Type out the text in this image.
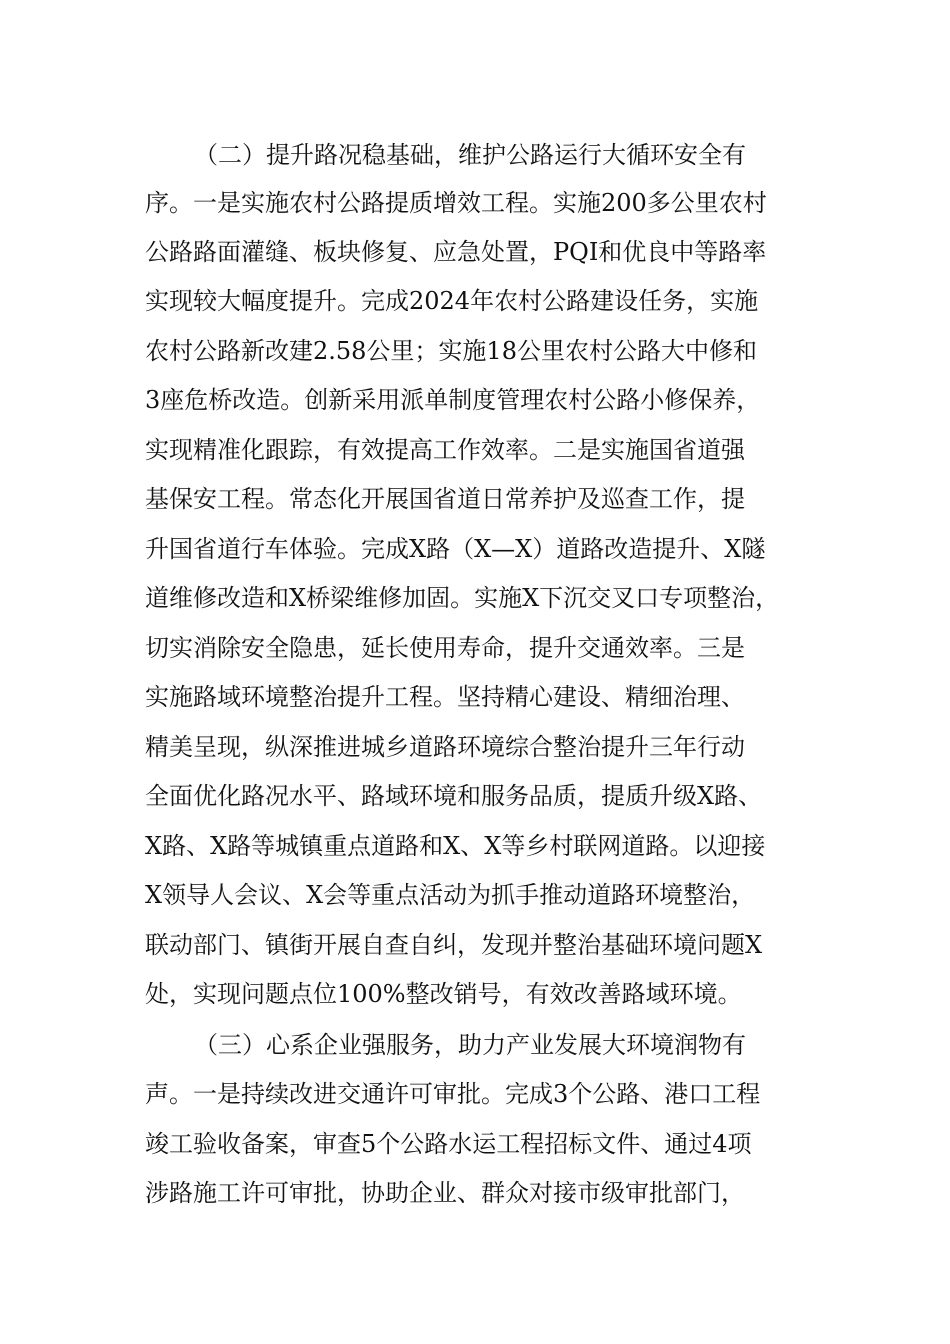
（二）提升路况稳基础，维护公路运行大循环安全有
序。一是实施农村公路提质增效工程。实施200多公里农村
公路路面灌缝、板块修复、应急处置，PQI和优良中等路率
实现较大幅度提升。完成2024年农村公路建设任务，实施
农村公路新改建2.58公里；实施18公里农村公路大中修和
3座危桥改造。创新采用派单制度管理农村公路小修保养，
实现精准化跟踪，有效提高工作效率。二是实施国省道强
基保安工程。常态化开展国省道日常养护及巡查工作，提
升国省道行车体验。完成X路（X—X）道路改造提升、X隧
道维修改造和X桥梁维修加固。实施X下沉交叉口专项整治，
切实消除安全隐患，延长使用寿命，提升交通效率。三是
实施路域环境整治提升工程。坚持精心建设、精细治理、
精美呈现，纵深推进城乡道路环境综合整治提升三年行动
全面优化路况水平、路域环境和服务品质，提质升级X路、
X路、X路等城镇重点道路和X、X等乡村联网道路。以迎接
X领导人会议、X会等重点活动为抓手推动道路环境整治，
联动部门、镇街开展自查自纠，发现并整治基础环境问题X
处，实现问题点位100%整改销号，有效改善路域环境。
（三）心系企业强服务，助力产业发展大环境润物有
声。一是持续改进交通许可审批。完成3个公路、港口工程
竣工验收备案，审查5个公路水运工程招标文件、通过4项
涉路施工许可审批，协助企业、群众对接市级审批部门，
